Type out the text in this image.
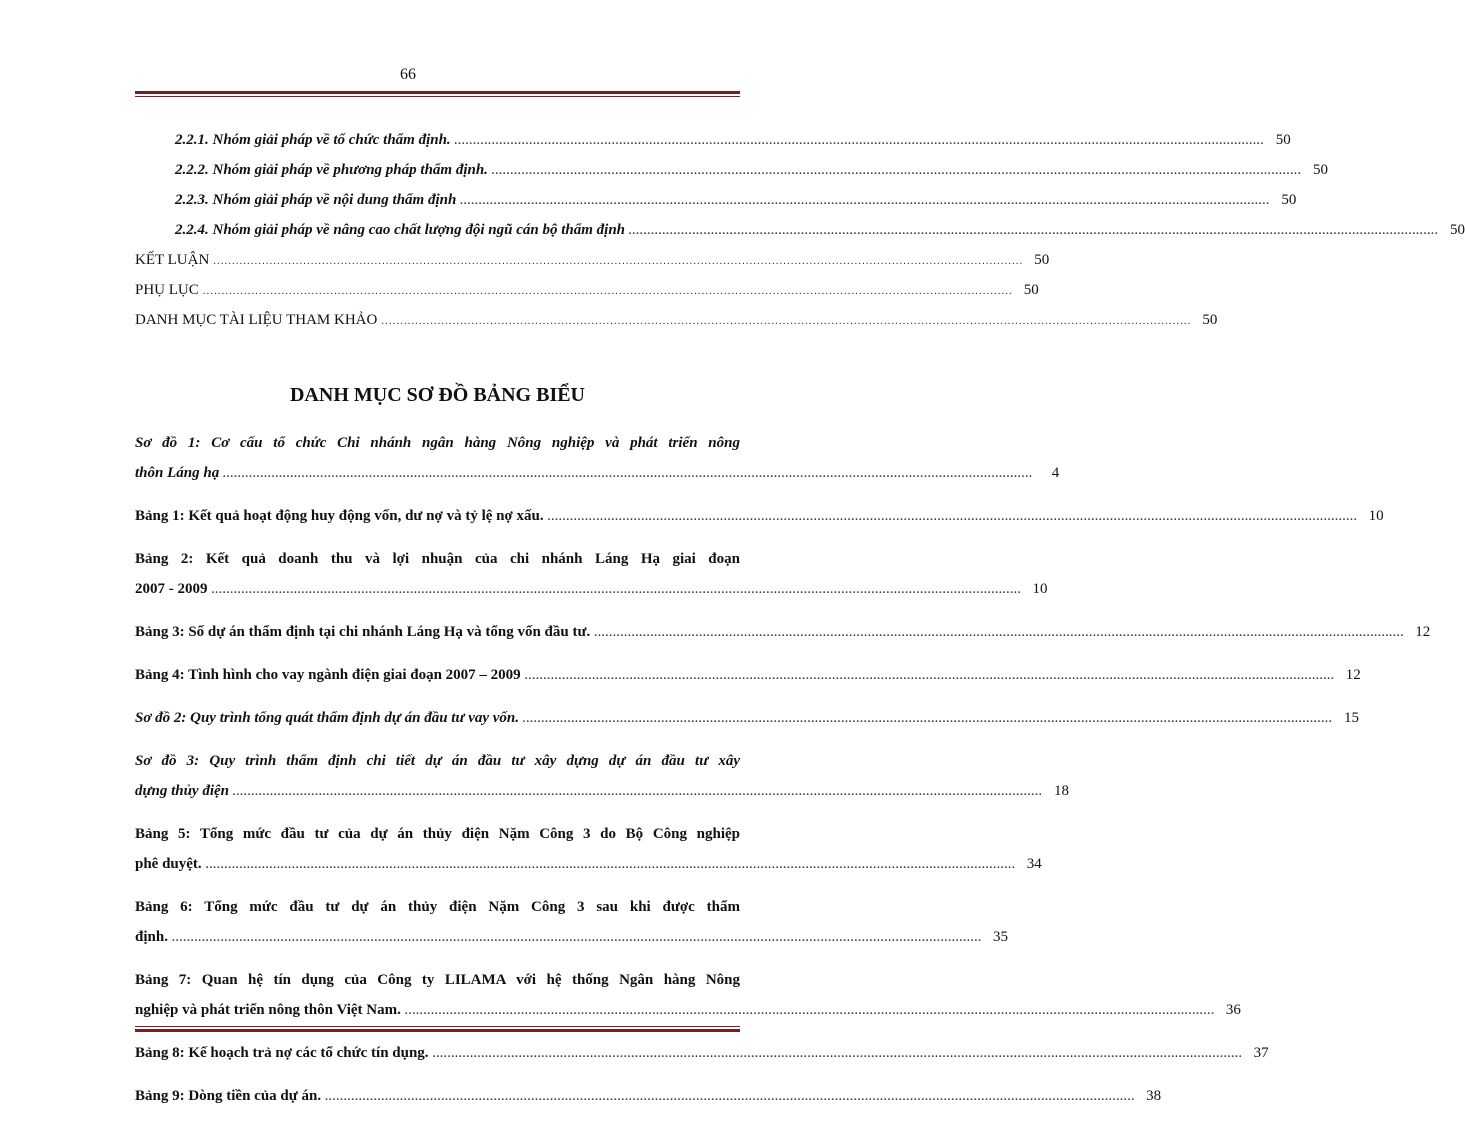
66
2.2.1. Nhóm giải pháp về tổ chức thẩm định. .....	50
2.2.2. Nhóm giải pháp về phương pháp thẩm định. .....	50
2.2.3. Nhóm giải pháp về nội dung thẩm định .....	50
2.2.4. Nhóm giải pháp về nâng cao chất lượng đội ngũ cán bộ thẩm định .....	50
KẾT LUẬN .....	50
PHỤ LỤC .....	50
DANH MỤC TÀI LIỆU THAM KHẢO .....	50
DANH MỤC SƠ ĐỒ BẢNG BIỂU
Sơ đồ 1: Cơ cấu tổ chức Chi nhánh ngân hàng Nông nghiệp và phát triển nông
thôn Láng hạ .....	4
Bảng 1: Kết quả hoạt động huy động vốn, dư nợ và tỷ lệ nợ xấu. .....	10
Bảng 2: Kết quả doanh thu và lợi nhuận của chi nhánh Láng Hạ giai đoạn
2007 - 2009 .....	10
Bảng 3: Số dự án thẩm định tại chi nhánh Láng Hạ và tổng vốn đầu tư. .....	12
Bảng 4: Tình hình cho vay ngành điện giai đoạn 2007 – 2009 .....	12
Sơ đồ 2: Quy trình tổng quát thẩm định dự án đầu tư vay vốn. .....	15
Sơ đồ 3: Quy trình thẩm định chi tiết dự án đầu tư xây dựng dự án đầu tư xây
dựng thủy điện .....	18
Bảng 5: Tổng mức đầu tư của dự án thủy điện Nặm Công 3 do Bộ Công nghiệp
phê duyệt. .....	34
Bảng 6: Tổng mức đầu tư dự án thủy điện Nặm Công 3 sau khi được thẩm
định. .....	35
Bảng 7: Quan hệ tín dụng của Công ty LILAMA với hệ thống Ngân hàng Nông
nghiệp và phát triển nông thôn Việt Nam. .....	36
Bảng 8: Kế hoạch trả nợ các tổ chức tín dụng. .....	37
Bảng 9: Dòng tiền của dự án. .....	38
